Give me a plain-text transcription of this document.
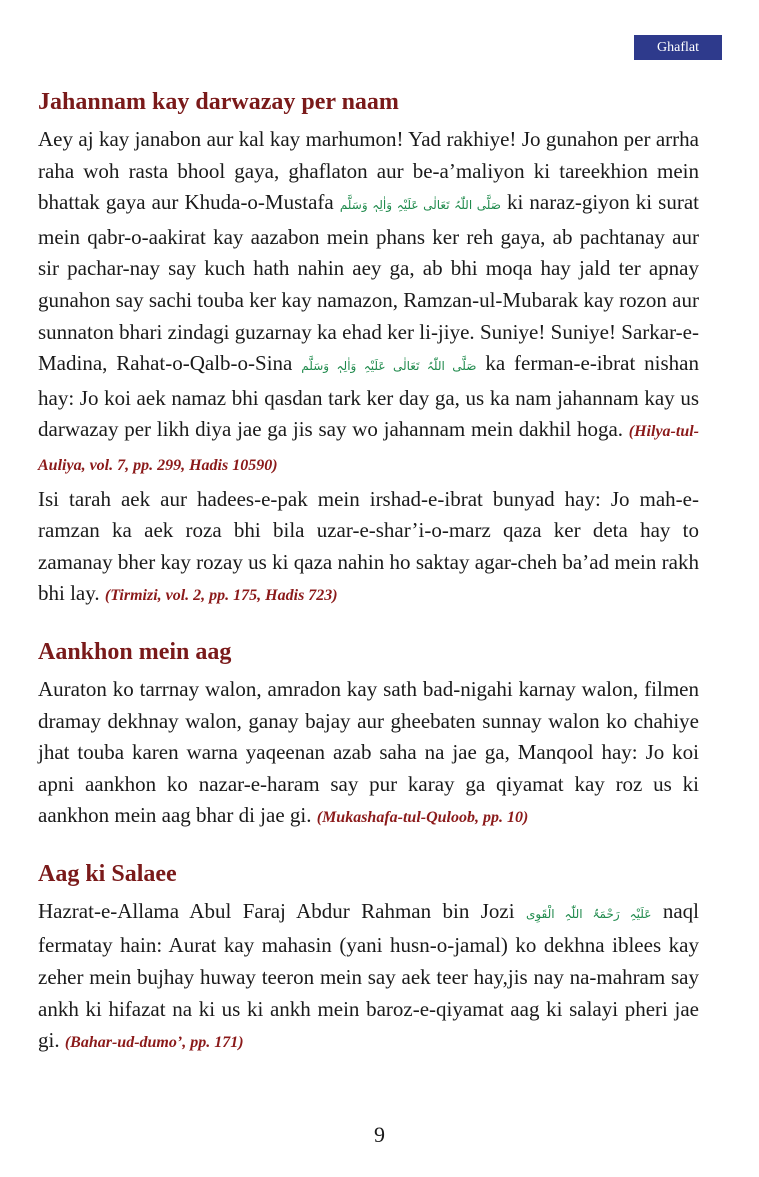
Ghaflat
Jahannam kay darwazay per naam

Aey aj kay janabon aur kal kay marhumon! Yad rakhiye! Jo gunahon per arrha raha woh rasta bhool gaya, ghaflaton aur be-a’maliyon ki tareekhion mein bhattak gaya aur Khuda-o-Mustafa صَلَّی اللّٰہُ تَعَالٰی عَلَیْہِ وَاٰلِہٖ وَسَلَّم ki naraz-giyon ki surat mein qabr-o-aakirat kay aazabon mein phans ker reh gaya, ab pachtanay aur sir pachar-nay say kuch hath nahin aey ga, ab bhi moqa hay jald ter apnay gunahon say sachi touba ker kay namazon, Ramzan-ul-Mubarak kay rozon aur sunnaton bhari zindagi guzarnay ka ehad ker li-jiye. Suniye! Suniye! Sarkar-e-Madina, Rahat-o-Qalb-o-Sina صَلَّی اللّٰہُ تَعَالٰی عَلَیْہِ وَاٰلِہٖ وَسَلَّم ka ferman-e-ibrat nishan hay: Jo koi aek namaz bhi qasdan tark ker day ga, us ka nam jahannam kay us darwazay per likh diya jae ga jis say wo jahannam mein dakhil hoga. (Hilya-tul-Auliya, vol. 7, pp. 299, Hadis 10590)

Isi tarah aek aur hadees-e-pak mein irshad-e-ibrat bunyad hay: Jo mah-e-ramzan ka aek roza bhi bila uzar-e-shar’i-o-marz qaza ker deta hay to zamanay bher kay rozay us ki qaza nahin ho saktay agar-cheh ba’ad mein rakh bhi lay. (Tirmizi, vol. 2, pp. 175, Hadis 723)

Aankhon mein aag

Auraton ko tarrnay walon, amradon kay sath bad-nigahi karnay walon, filmen dramay dekhnay walon, ganay bajay aur gheebaten sunnay walon ko chahiye jhat touba karen warna yaqeenan azab saha na jae ga, Manqool hay: Jo koi apni aankhon ko nazar-e-haram say pur karay ga qiyamat kay roz us ki aankhon mein aag bhar di jae gi. (Mukashafa-tul-Quloob, pp. 10)

Aag ki Salaee

Hazrat-e-Allama Abul Faraj Abdur Rahman bin Jozi عَلَیْہِ رَحْمَۃُ اللّٰہِ الْقَوِی naql fermatay hain: Aurat kay mahasin (yani husn-o-jamal) ko dekhna iblees kay zeher mein bujhay huway teeron mein say aek teer hay,jis nay na-mahram say ankh ki hifazat na ki us ki ankh mein baroz-e-qiyamat aag ki salayi pheri jae gi. (Bahar-ud-dumo’, pp. 171)

9
